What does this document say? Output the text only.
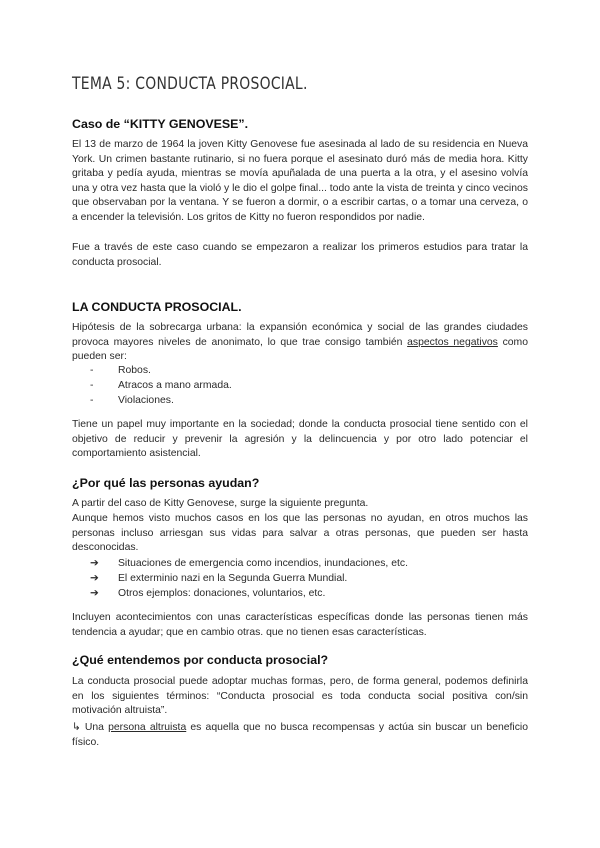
TEMA 5: CONDUCTA PROSOCIAL.
Caso de “KITTY GENOVESE”.

El 13 de marzo de 1964 la joven Kitty Genovese fue asesinada al lado de su residencia en Nueva York. Un crimen bastante rutinario, si no fuera porque el asesinato duró más de media hora. Kitty gritaba y pedía ayuda, mientras se movía apuñalada de una puerta a la otra, y el asesino volvía una y otra vez hasta que la violó y le dio el golpe final... todo ante la vista de treinta y cinco vecinos que observaban por la ventana. Y se fueron a dormir, o a escribir cartas, o a tomar una cerveza, o a encender la televisión. Los gritos de Kitty no fueron respondidos por nadie.

Fue a través de este caso cuando se empezaron a realizar los primeros estudios para tratar la conducta prosocial.

LA CONDUCTA PROSOCIAL.

Hipótesis de la sobrecarga urbana: la expansión económica y social de las grandes ciudades provoca mayores niveles de anonimato, lo que trae consigo también aspectos negativos como pueden ser:

- Robos.
- Atracos a mano armada.
- Violaciones.

Tiene un papel muy importante en la sociedad; donde la conducta prosocial tiene sentido con el objetivo de reducir y prevenir la agresión y la delincuencia y por otro lado potenciar el comportamiento asistencial.

¿Por qué las personas ayudan?

A partir del caso de Kitty Genovese, surge la siguiente pregunta.

Aunque hemos visto muchos casos en los que las personas no ayudan, en otros muchos las personas incluso arriesgan sus vidas para salvar a otras personas, que pueden ser hasta desconocidas.

➔ Situaciones de emergencia como incendios, inundaciones, etc.
➔ El exterminio nazi en la Segunda Guerra Mundial.
➔ Otros ejemplos: donaciones, voluntarios, etc.

Incluyen acontecimientos con unas características específicas donde las personas tienen más tendencia a ayudar; que en cambio otras. que no tienen esas características.

¿Qué entendemos por conducta prosocial?

La conducta prosocial puede adoptar muchas formas, pero, de forma general, podemos definirla en los siguientes términos: “Conducta prosocial es toda conducta social positiva con/sin motivación altruista”.

↳ Una persona altruista es aquella que no busca recompensas y actúa sin buscar un beneficio físico.
